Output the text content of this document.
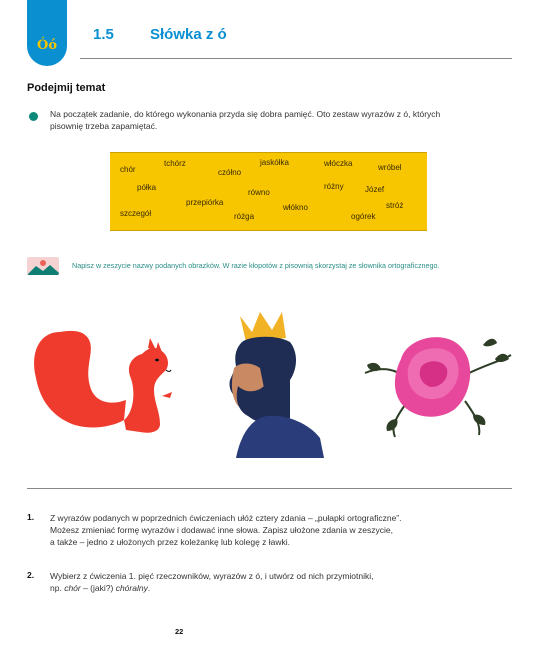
Óó
1.5 Słówka z ó
Podejmij temat
Na początek zadanie, do którego wykonania przyda się dobra pamięć. Oto zestaw wyrazów z ó, których
pisownię trzeba zapamiętać.
chór
tchórz
czółno
jaskółka	włóczka	wróbel
półka
równo
różny	Józef
przepiórka
szczegół	różga
włókno
ogórek
stróż
Napisz w zeszycie nazwy podanych obrazków. W razie kłopotów z pisownią skorzystaj ze słownika ortograficznego.
1. Z wyrazów podanych w poprzednich ćwiczeniach ułóż cztery zdania – „pułapki ortograficzne”.
Możesz zmieniać formę wyrazów i dodawać inne słowa. Zapisz ułożone zdania w zeszycie,
a także – jedno z ułożonych przez koleżankę lub kolegę z ławki.
2. Wybierz z ćwiczenia 1. pięć rzeczowników, wyrazów z ó, i utwórz od nich przymiotniki,
np. chór – (jaki?) chóralny.
22
